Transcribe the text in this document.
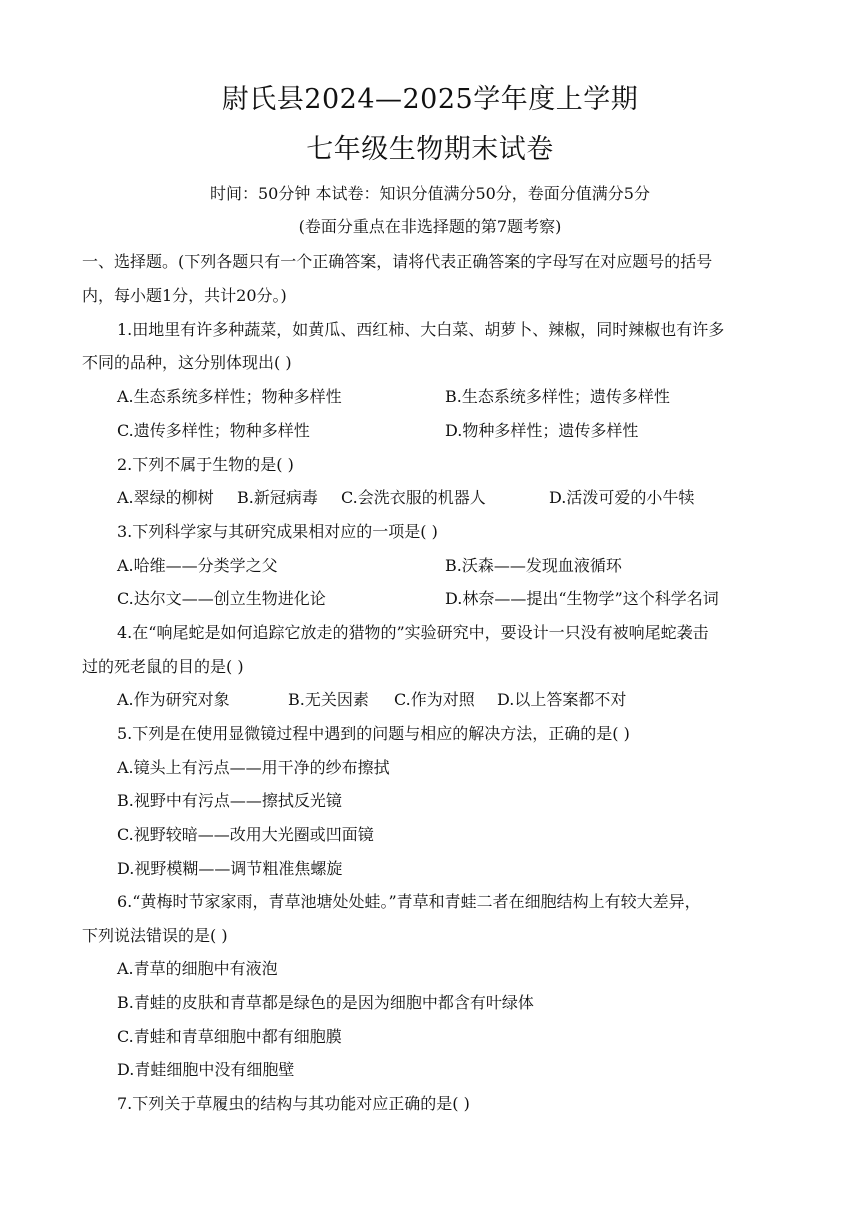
尉氏县2024—2025学年度上学期
七年级生物期末试卷
时间：50分钟 本试卷：知识分值满分50分，卷面分值满分5分
(卷面分重点在非选择题的第7题考察)
一、选择题。(下列各题只有一个正确答案，请将代表正确答案的字母写在对应题号的括号
内，每小题1分，共计20分。)
1.田地里有许多种蔬菜，如黄瓜、西红柿、大白菜、胡萝卜、辣椒，同时辣椒也有许多
不同的品种，这分别体现出( )
A.生态系统多样性；物种多样性	B.生态系统多样性；遗传多样性
C.遗传多样性；物种多样性	D.物种多样性；遗传多样性
2.下列不属于生物的是( )
A.翠绿的柳树 B.新冠病毒 C.会洗衣服的机器人	D.活泼可爱的小牛犊
3.下列科学家与其研究成果相对应的一项是( )
A.哈维——分类学之父	B.沃森——发现血液循环
C.达尔文——创立生物进化论	D.林奈——提出“生物学”这个科学名词
4.在“响尾蛇是如何追踪它放走的猎物的”实验研究中，要设计一只没有被响尾蛇袭击
过的死老鼠的目的是( )
A.作为研究对象	B.无关因素 C.作为对照 D.以上答案都不对
5.下列是在使用显微镜过程中遇到的问题与相应的解决方法，正确的是( )
A.镜头上有污点——用干净的纱布擦拭
B.视野中有污点——擦拭反光镜
C.视野较暗——改用大光圈或凹面镜
D.视野模糊——调节粗准焦螺旋
6.“黄梅时节家家雨，青草池塘处处蛙。”青草和青蛙二者在细胞结构上有较大差异，
下列说法错误的是( )
A.青草的细胞中有液泡
B.青蛙的皮肤和青草都是绿色的是因为细胞中都含有叶绿体
C.青蛙和青草细胞中都有细胞膜
D.青蛙细胞中没有细胞壁
7.下列关于草履虫的结构与其功能对应正确的是( )
